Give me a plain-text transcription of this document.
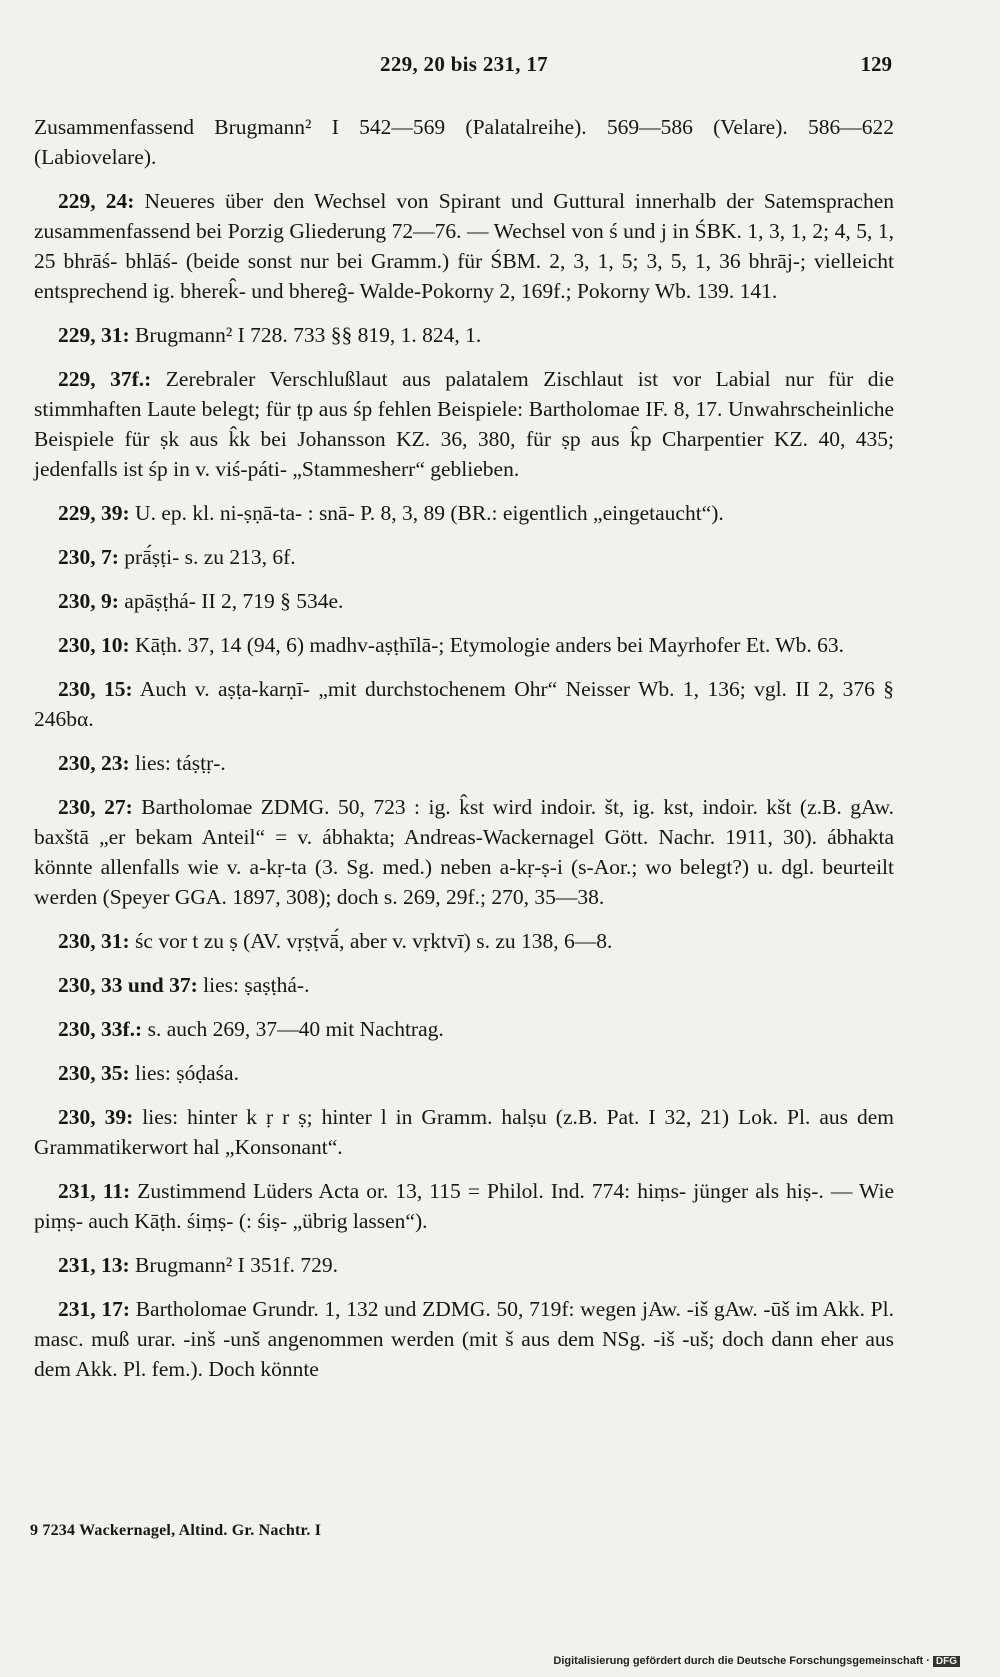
229, 20 bis 231, 17	129

Zusammenfassend Brugmann² I 542—569 (Palatalreihe). 569—586 (Velare). 586—622 (Labiovelare).

229, 24: Neueres über den Wechsel von Spirant und Guttural innerhalb der Satemsprachen zusammenfassend bei Porzig Gliederung 72—76. — Wechsel von ś und j in ŚBK. 1, 3, 1, 2; 4, 5, 1, 25 bhrāś- bhlāś- (beide sonst nur bei Gramm.) für ŚBM. 2, 3, 1, 5; 3, 5, 1, 36 bhrāj-; vielleicht entsprechend ig. bherek̂- und bhereĝ- Walde-Pokorny 2, 169f.; Pokorny Wb. 139. 141.

229, 31: Brugmann² I 728. 733 §§ 819, 1. 824, 1.

229, 37f.: Zerebraler Verschlußlaut aus palatalem Zischlaut ist vor Labial nur für die stimmhaften Laute belegt; für ṭp aus śp fehlen Beispiele: Bartholomae IF. 8, 17. Unwahrscheinliche Beispiele für ṣk aus k̂k bei Johansson KZ. 36, 380, für ṣp aus k̂p Charpentier KZ. 40, 435; jedenfalls ist śp in v. viś-páti- „Stammesherr“ geblieben.

229, 39: U. ep. kl. ni-ṣṇā-ta- : snā- P. 8, 3, 89 (BR.: eigentlich „eingetaucht“).

230, 7: prā́ṣṭi- s. zu 213, 6f.

230, 9: apāṣṭhá- II 2, 719 § 534e.

230, 10: Kāṭh. 37, 14 (94, 6) madhv-aṣṭhīlā-; Etymologie anders bei Mayrhofer Et. Wb. 63.

230, 15: Auch v. aṣṭa-karṇī- „mit durchstochenem Ohr“ Neisser Wb. 1, 136; vgl. II 2, 376 § 246bα.

230, 23: lies: táṣṭṛ-.

230, 27: Bartholomae ZDMG. 50, 723 : ig. k̂st wird indoir. št, ig. kst, indoir. kšt (z.B. gAw. baxštā „er bekam Anteil“ = v. ábhakta; Andreas-Wackernagel Gött. Nachr. 1911, 30). ábhakta könnte allenfalls wie v. a-kṛ-ta (3. Sg. med.) neben a-kṛ-ṣ-i (s-Aor.; wo belegt?) u. dgl. beurteilt werden (Speyer GGA. 1897, 308); doch s. 269, 29f.; 270, 35—38.

230, 31: śc vor t zu ṣ (AV. vṛṣṭvā́, aber v. vṛktvī) s. zu 138, 6—8.

230, 33 und 37: lies: ṣaṣṭhá-.

230, 33f.: s. auch 269, 37—40 mit Nachtrag.

230, 35: lies: ṣóḍaśa.

230, 39: lies: hinter k ṛ r ṣ; hinter l in Gramm. halṣu (z.B. Pat. I 32, 21) Lok. Pl. aus dem Grammatikerwort hal „Konsonant“.

231, 11: Zustimmend Lüders Acta or. 13, 115 = Philol. Ind. 774: hiṃs- jünger als hiṣ-. — Wie piṃṣ- auch Kāṭh. śiṃṣ- (: śiṣ- „übrig lassen“).

231, 13: Brugmann² I 351f. 729.

231, 17: Bartholomae Grundr. 1, 132 und ZDMG. 50, 719f: wegen jAw. -iš gAw. -ūš im Akk. Pl. masc. muß urar. -inš -unš angenommen werden (mit š aus dem NSg. -iš -uš; doch dann eher aus dem Akk. Pl. fem.). Doch könnte

9 7234 Wackernagel, Altind. Gr. Nachtr. I
Digitalisierung gefördert durch die Deutsche Forschungsgemeinschaft · DFG
